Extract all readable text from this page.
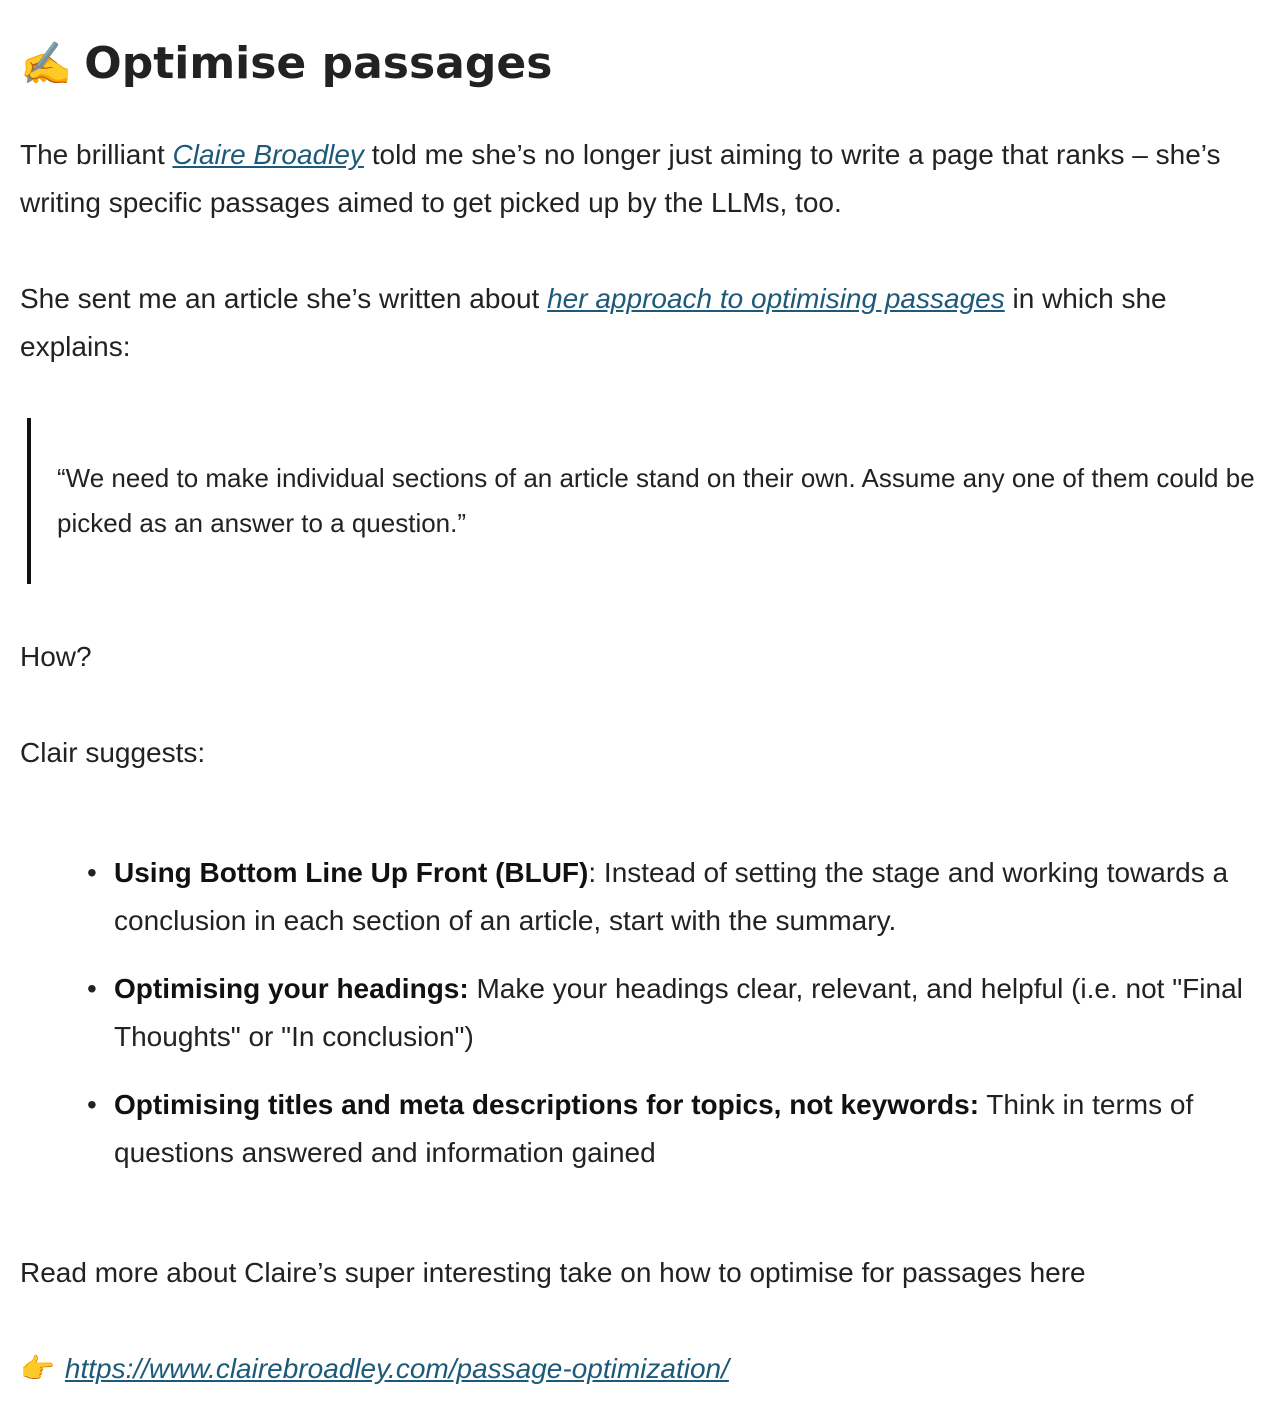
✍️ Optimise passages

The brilliant Claire Broadley told me she’s no longer just aiming to write a page that ranks – she’s writing specific passages aimed to get picked up by the LLMs, too.

She sent me an article she’s written about her approach to optimising passages in which she explains:

“We need to make individual sections of an article stand on their own. Assume any one of them could be picked as an answer to a question.”

How?

Clair suggests:

• Using Bottom Line Up Front (BLUF): Instead of setting the stage and working towards a conclusion in each section of an article, start with the summary.
• Optimising your headings: Make your headings clear, relevant, and helpful (i.e. not "Final Thoughts" or "In conclusion")
• Optimising titles and meta descriptions for topics, not keywords: Think in terms of questions answered and information gained

Read more about Claire’s super interesting take on how to optimise for passages here

👉 https://www.clairebroadley.com/passage-optimization/
